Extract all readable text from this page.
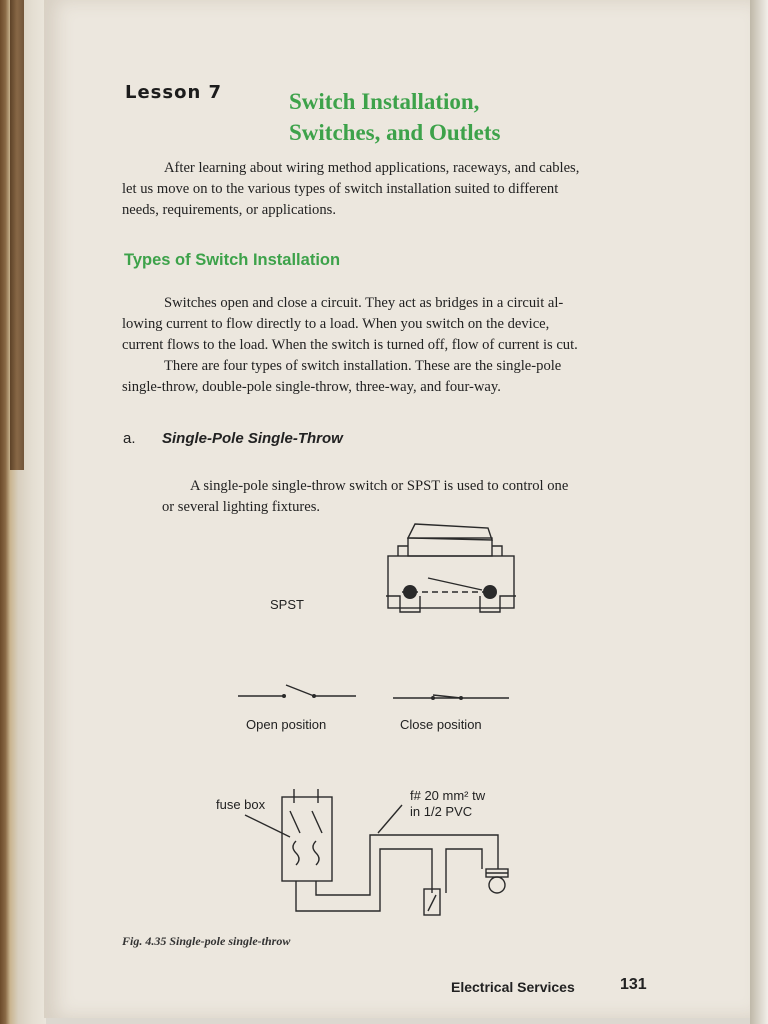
Lesson 7	Switch Installation,
Switches, and Outlets
After learning about wiring method applications, raceways, and cables,
let us move on to the various types of switch installation suited to different
needs, requirements, or applications.
Types of Switch Installation
Switches open and close a circuit. They act as bridges in a circuit al-
lowing current to flow directly to a load. When you switch on the device,
current flows to the load. When the switch is turned off, flow of current is cut.
There are four types of switch installation. These are the single-pole
single-throw, double-pole single-throw, three-way, and four-way.
a. Single-Pole Single-Throw
A single-pole single-throw switch or SPST is used to control one
or several lighting fixtures.
SPST
Open position	Close position
fuse box
f# 20 mm² tw
in 1/2 PVC
Fig. 4.35 Single-pole single-throw
Electrical Services	131
